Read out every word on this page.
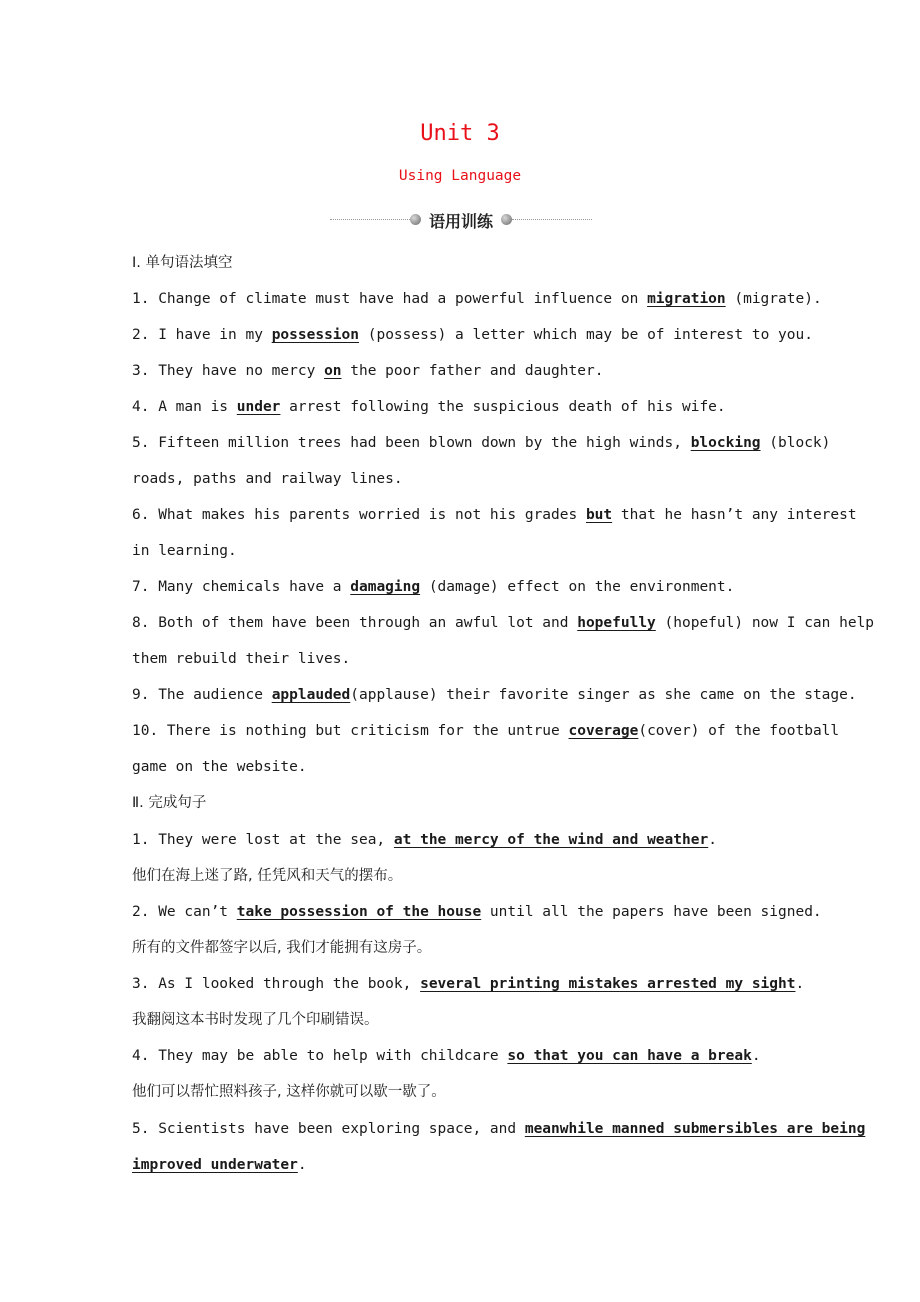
Unit 3
Using Language
语用训练
Ⅰ. 单句语法填空
1. Change of climate must have had a powerful influence on migration (migrate).
2. I have in my possession (possess) a letter which may be of interest to you.
3. They have no mercy on the poor father and daughter.
4. A man is under arrest following the suspicious death of his wife.
5. Fifteen million trees had been blown down by the high winds, blocking (block)
roads, paths and railway lines.
6. What makes his parents worried is not his grades but that he hasn’t any interest
in learning.
7. Many chemicals have a damaging (damage) effect on the environment.
8. Both of them have been through an awful lot and hopefully (hopeful) now I can help
them rebuild their lives.
9. The audience applauded(applause) their favorite singer as she came on the stage.
10. There is nothing but criticism for the untrue coverage(cover) of the football
game on the website.
Ⅱ. 完成句子
1. They were lost at the sea, at the mercy of the wind and weather.
他们在海上迷了路, 任凭风和天气的摆布。
2. We can’t take possession of the house until all the papers have been signed.
所有的文件都签字以后, 我们才能拥有这房子。
3. As I looked through the book, several printing mistakes arrested my sight.
我翻阅这本书时发现了几个印刷错误。
4. They may be able to help with childcare so that you can have a break.
他们可以帮忙照料孩子, 这样你就可以歇一歇了。
5. Scientists have been exploring space, and meanwhile manned submersibles are being
improved underwater.
